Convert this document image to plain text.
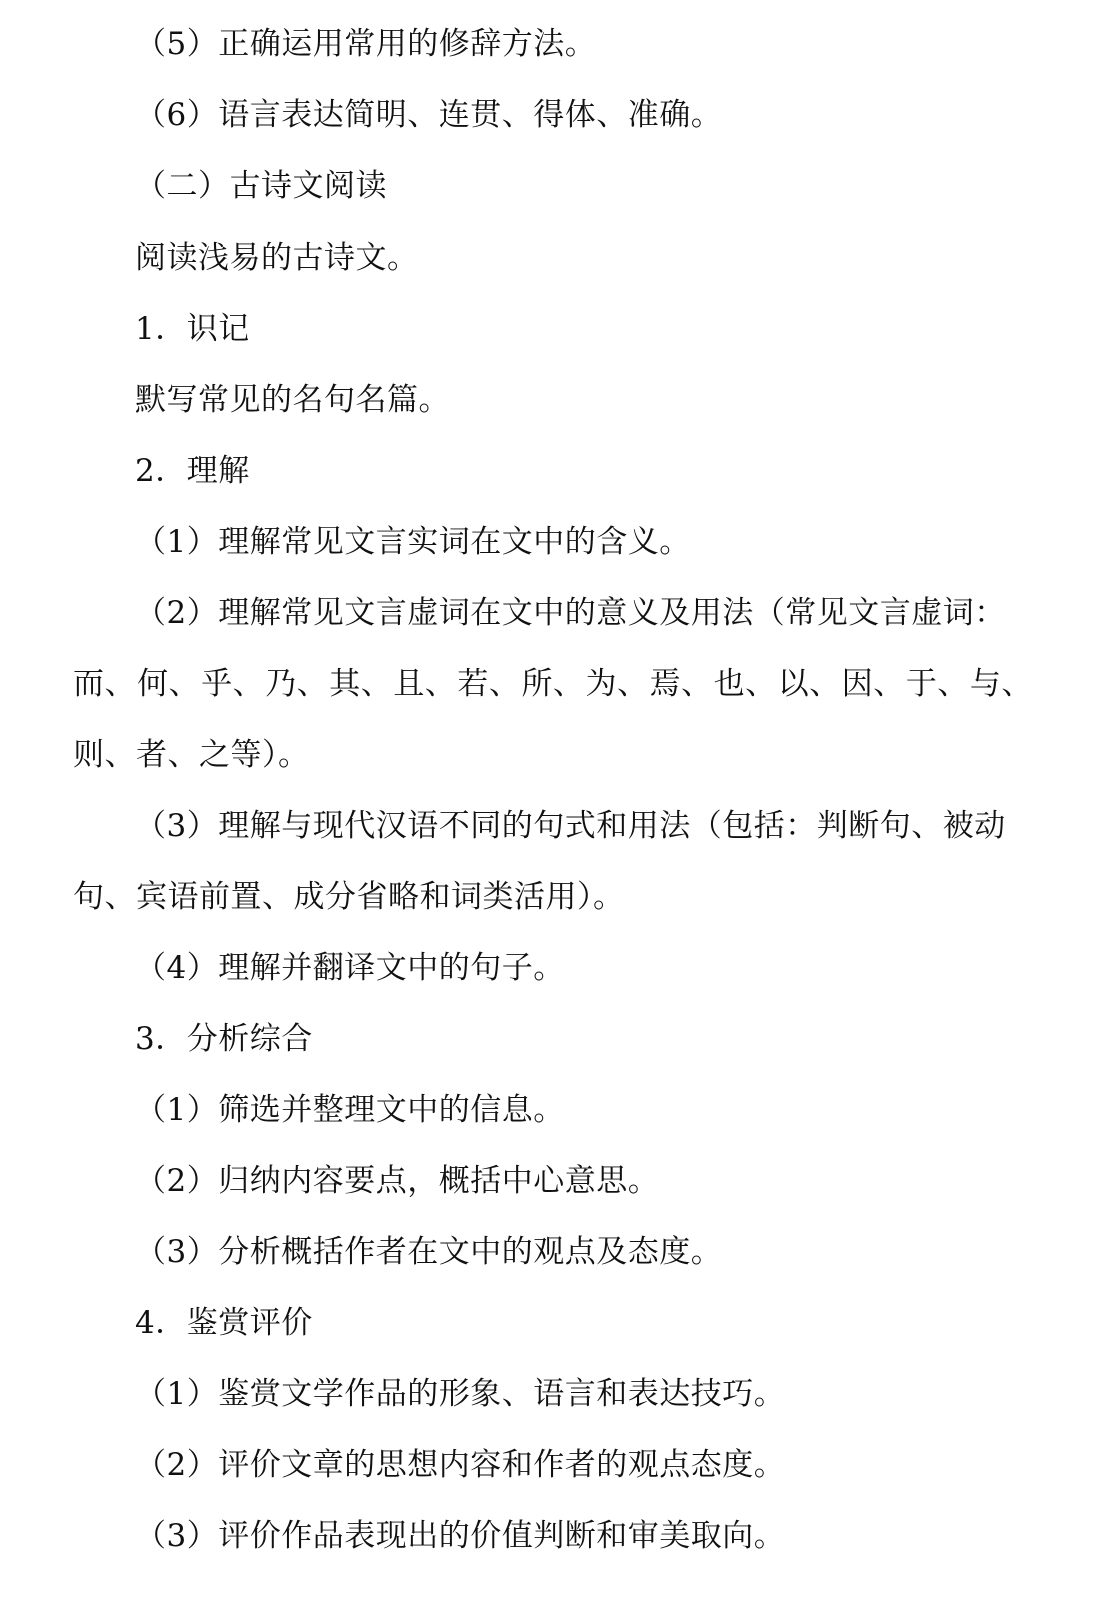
（5）正确运用常用的修辞方法。

（6）语言表达简明、连贯、得体、准确。

（二）古诗文阅读

阅读浅易的古诗文。

1．识记

默写常见的名句名篇。

2．理解

（1）理解常见文言实词在文中的含义。

（2）理解常见文言虚词在文中的意义及用法（常见文言虚词：

而、 何、 乎、 乃、 其、 且、 若、 所、 为、 焉、 也、 以、 因、 于、 与、

则、者、之等）。

（3）理解与现代汉语不同的句式和用法（包括：判断句、被动

句、宾语前置、成分省略和词类活用）。

（4）理解并翻译文中的句子。

3．分析综合

（1）筛选并整理文中的信息。

（2）归纳内容要点，概括中心意思。

（3）分析概括作者在文中的观点及态度。

4．鉴赏评价

（1）鉴赏文学作品的形象、语言和表达技巧。

（2）评价文章的思想内容和作者的观点态度。

（3）评价作品表现出的价值判断和审美取向。
